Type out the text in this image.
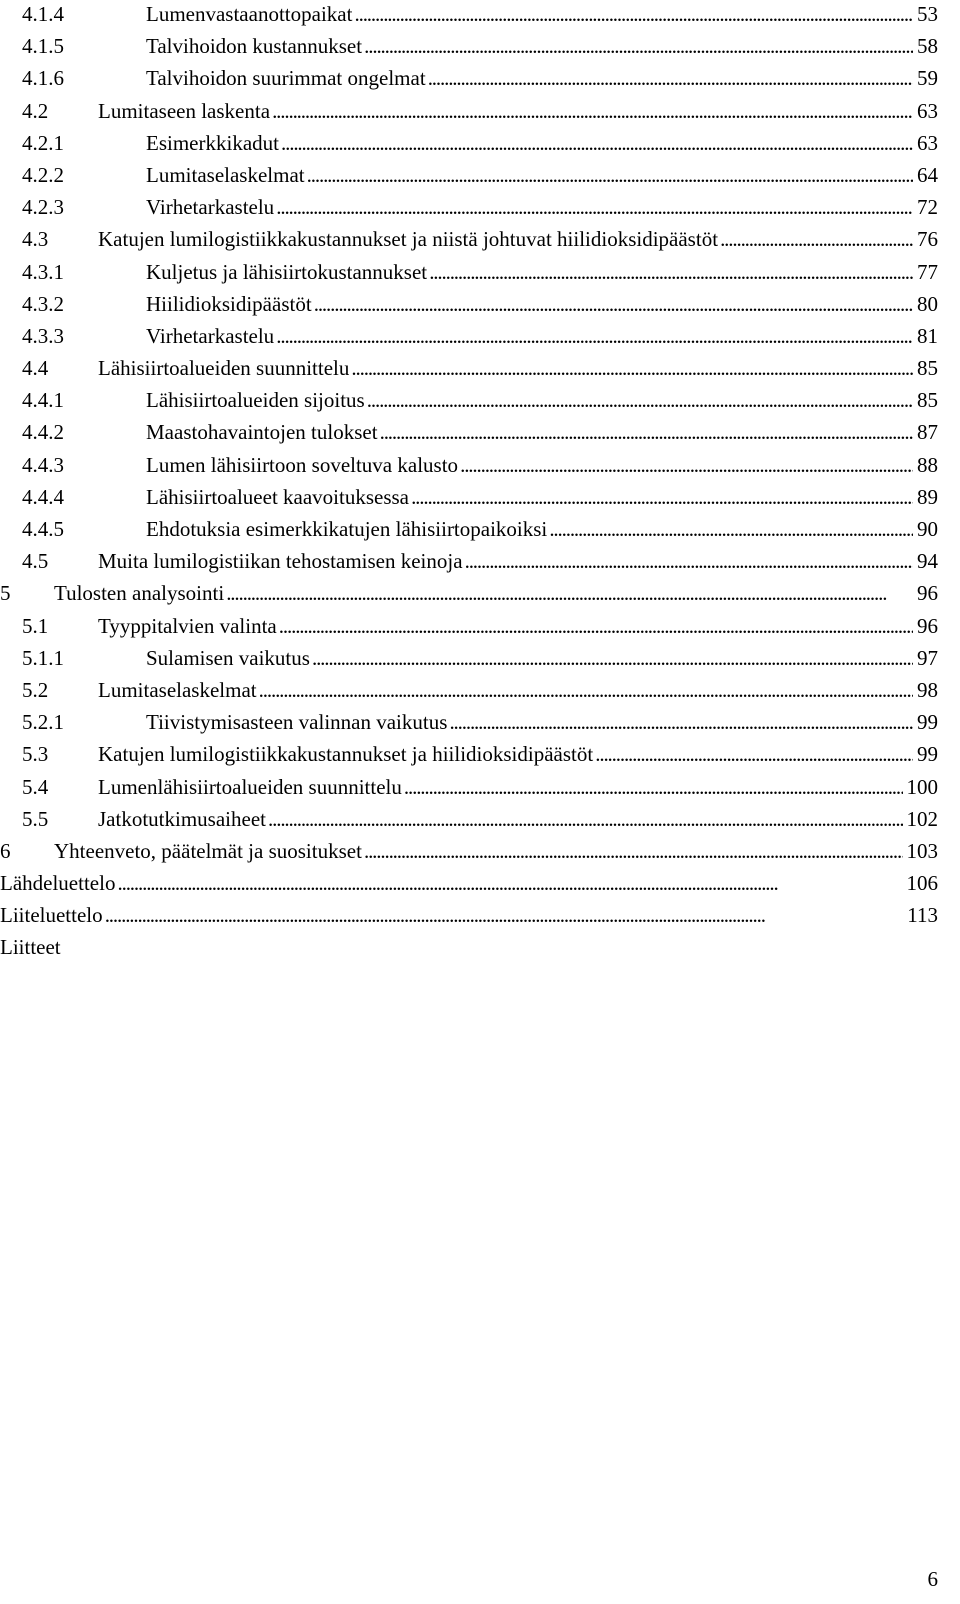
4.1.4	Lumenvastaanottopaikat . . .	53
4.1.5	Talvihoidon kustannukset . . .	58
4.1.6	Talvihoidon suurimmat ongelmat . . .	59
4.2 Lumitaseen laskenta . . .	63
4.2.1	Esimerkkikadut . . .	63
4.2.2	Lumitaselaskelmat . . .	64
4.2.3	Virhetarkastelu . . .	72
4.3 Katujen lumilogistiikkakustannukset ja niistä johtuvat hiilidioksidipäästöt . . .	76
4.3.1	Kuljetus ja lähisiirtokustannukset . . .	77
4.3.2	Hiilidioksidipäästöt . . .	80
4.3.3	Virhetarkastelu . . .	81
4.4 Lähisiirtoalueiden suunnittelu . . .	85
4.4.1	Lähisiirtoalueiden sijoitus . . .	85
4.4.2	Maastohavaintojen tulokset . . .	87
4.4.3	Lumen lähisiirtoon soveltuva kalusto . . .	88
4.4.4	Lähisiirtoalueet kaavoituksessa . . .	89
4.4.5	Ehdotuksia esimerkkikatujen lähisiirtopaikoiksi . . .	90
4.5 Muita lumilogistiikan tehostamisen keinoja . . .	94
5 Tulosten analysointi . . .	96
5.1 Tyyppitalvien valinta . . .	96
5.1.1	Sulamisen vaikutus . . .	97
5.2 Lumitaselaskelmat . . .	98
5.2.1	Tiivistymisasteen valinnan vaikutus . . .	99
5.3 Katujen lumilogistiikkakustannukset ja hiilidioksidipäästöt . . .	99
5.4 Lumenlähisiirtoalueiden suunnittelu . . .	100
5.5 Jatkotutkimusaiheet . . .	102
6 Yhteenveto, päätelmät ja suositukset . . .	103
Lähdeluettelo . . .	106
Liiteluettelo . . .	113
Liitteet
6
